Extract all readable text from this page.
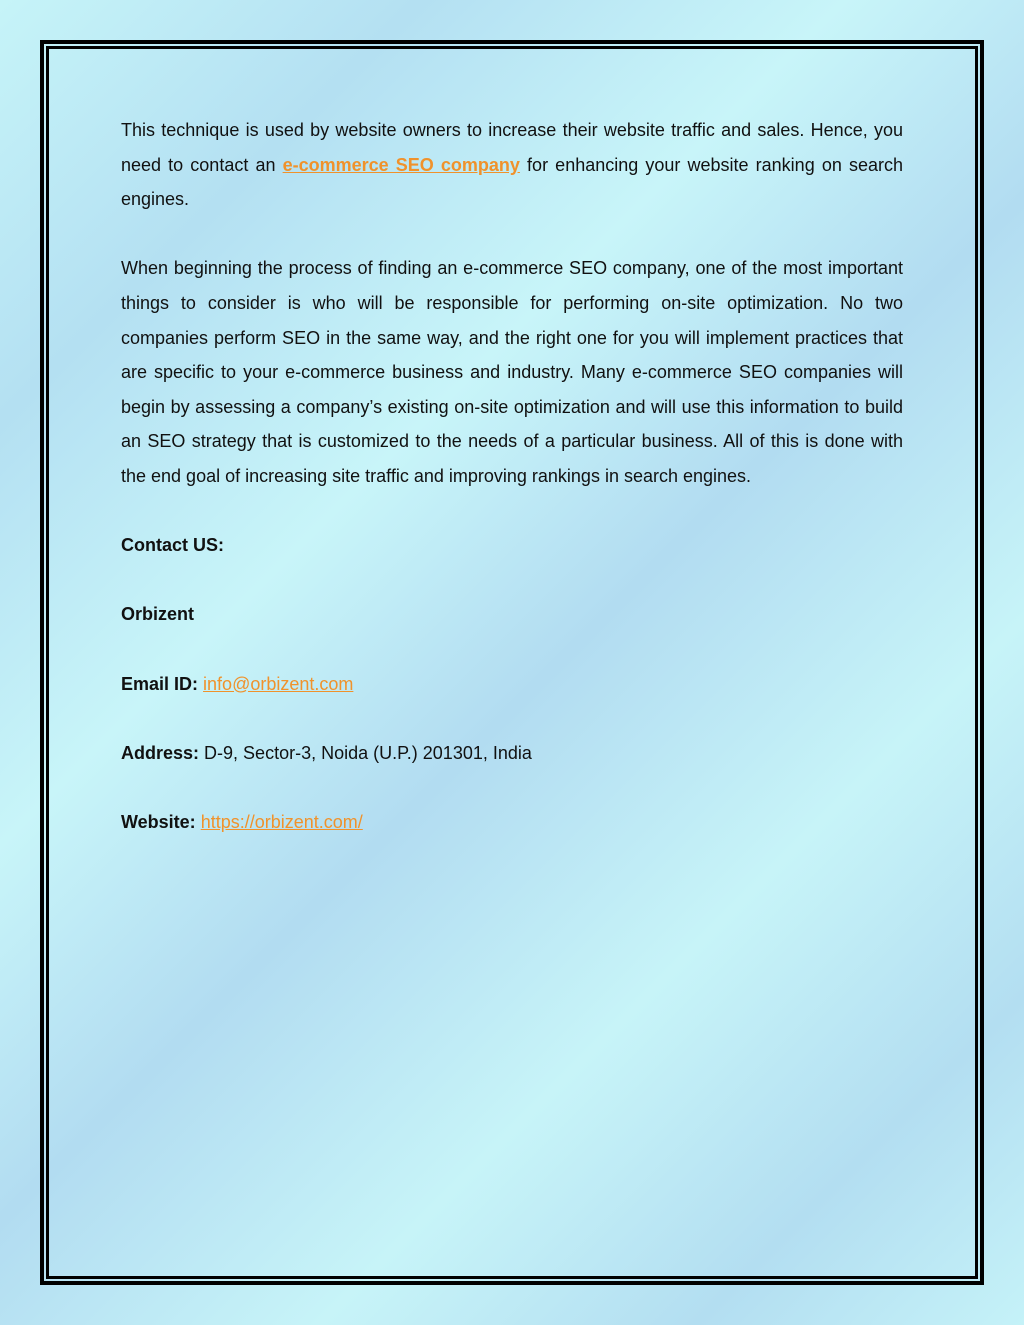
This technique is used by website owners to increase their website traffic and sales. Hence, you need to contact an e-commerce SEO company for enhancing your website ranking on search engines.

When beginning the process of finding an e-commerce SEO company, one of the most important things to consider is who will be responsible for performing on-site optimization. No two companies perform SEO in the same way, and the right one for you will implement practices that are specific to your e-commerce business and industry. Many e-commerce SEO companies will begin by assessing a company’s existing on-site optimization and will use this information to build an SEO strategy that is customized to the needs of a particular business. All of this is done with the end goal of increasing site traffic and improving rankings in search engines.

Contact US:

Orbizent

Email ID: info@orbizent.com

Address: D-9, Sector-3, Noida (U.P.) 201301, India

Website: https://orbizent.com/
